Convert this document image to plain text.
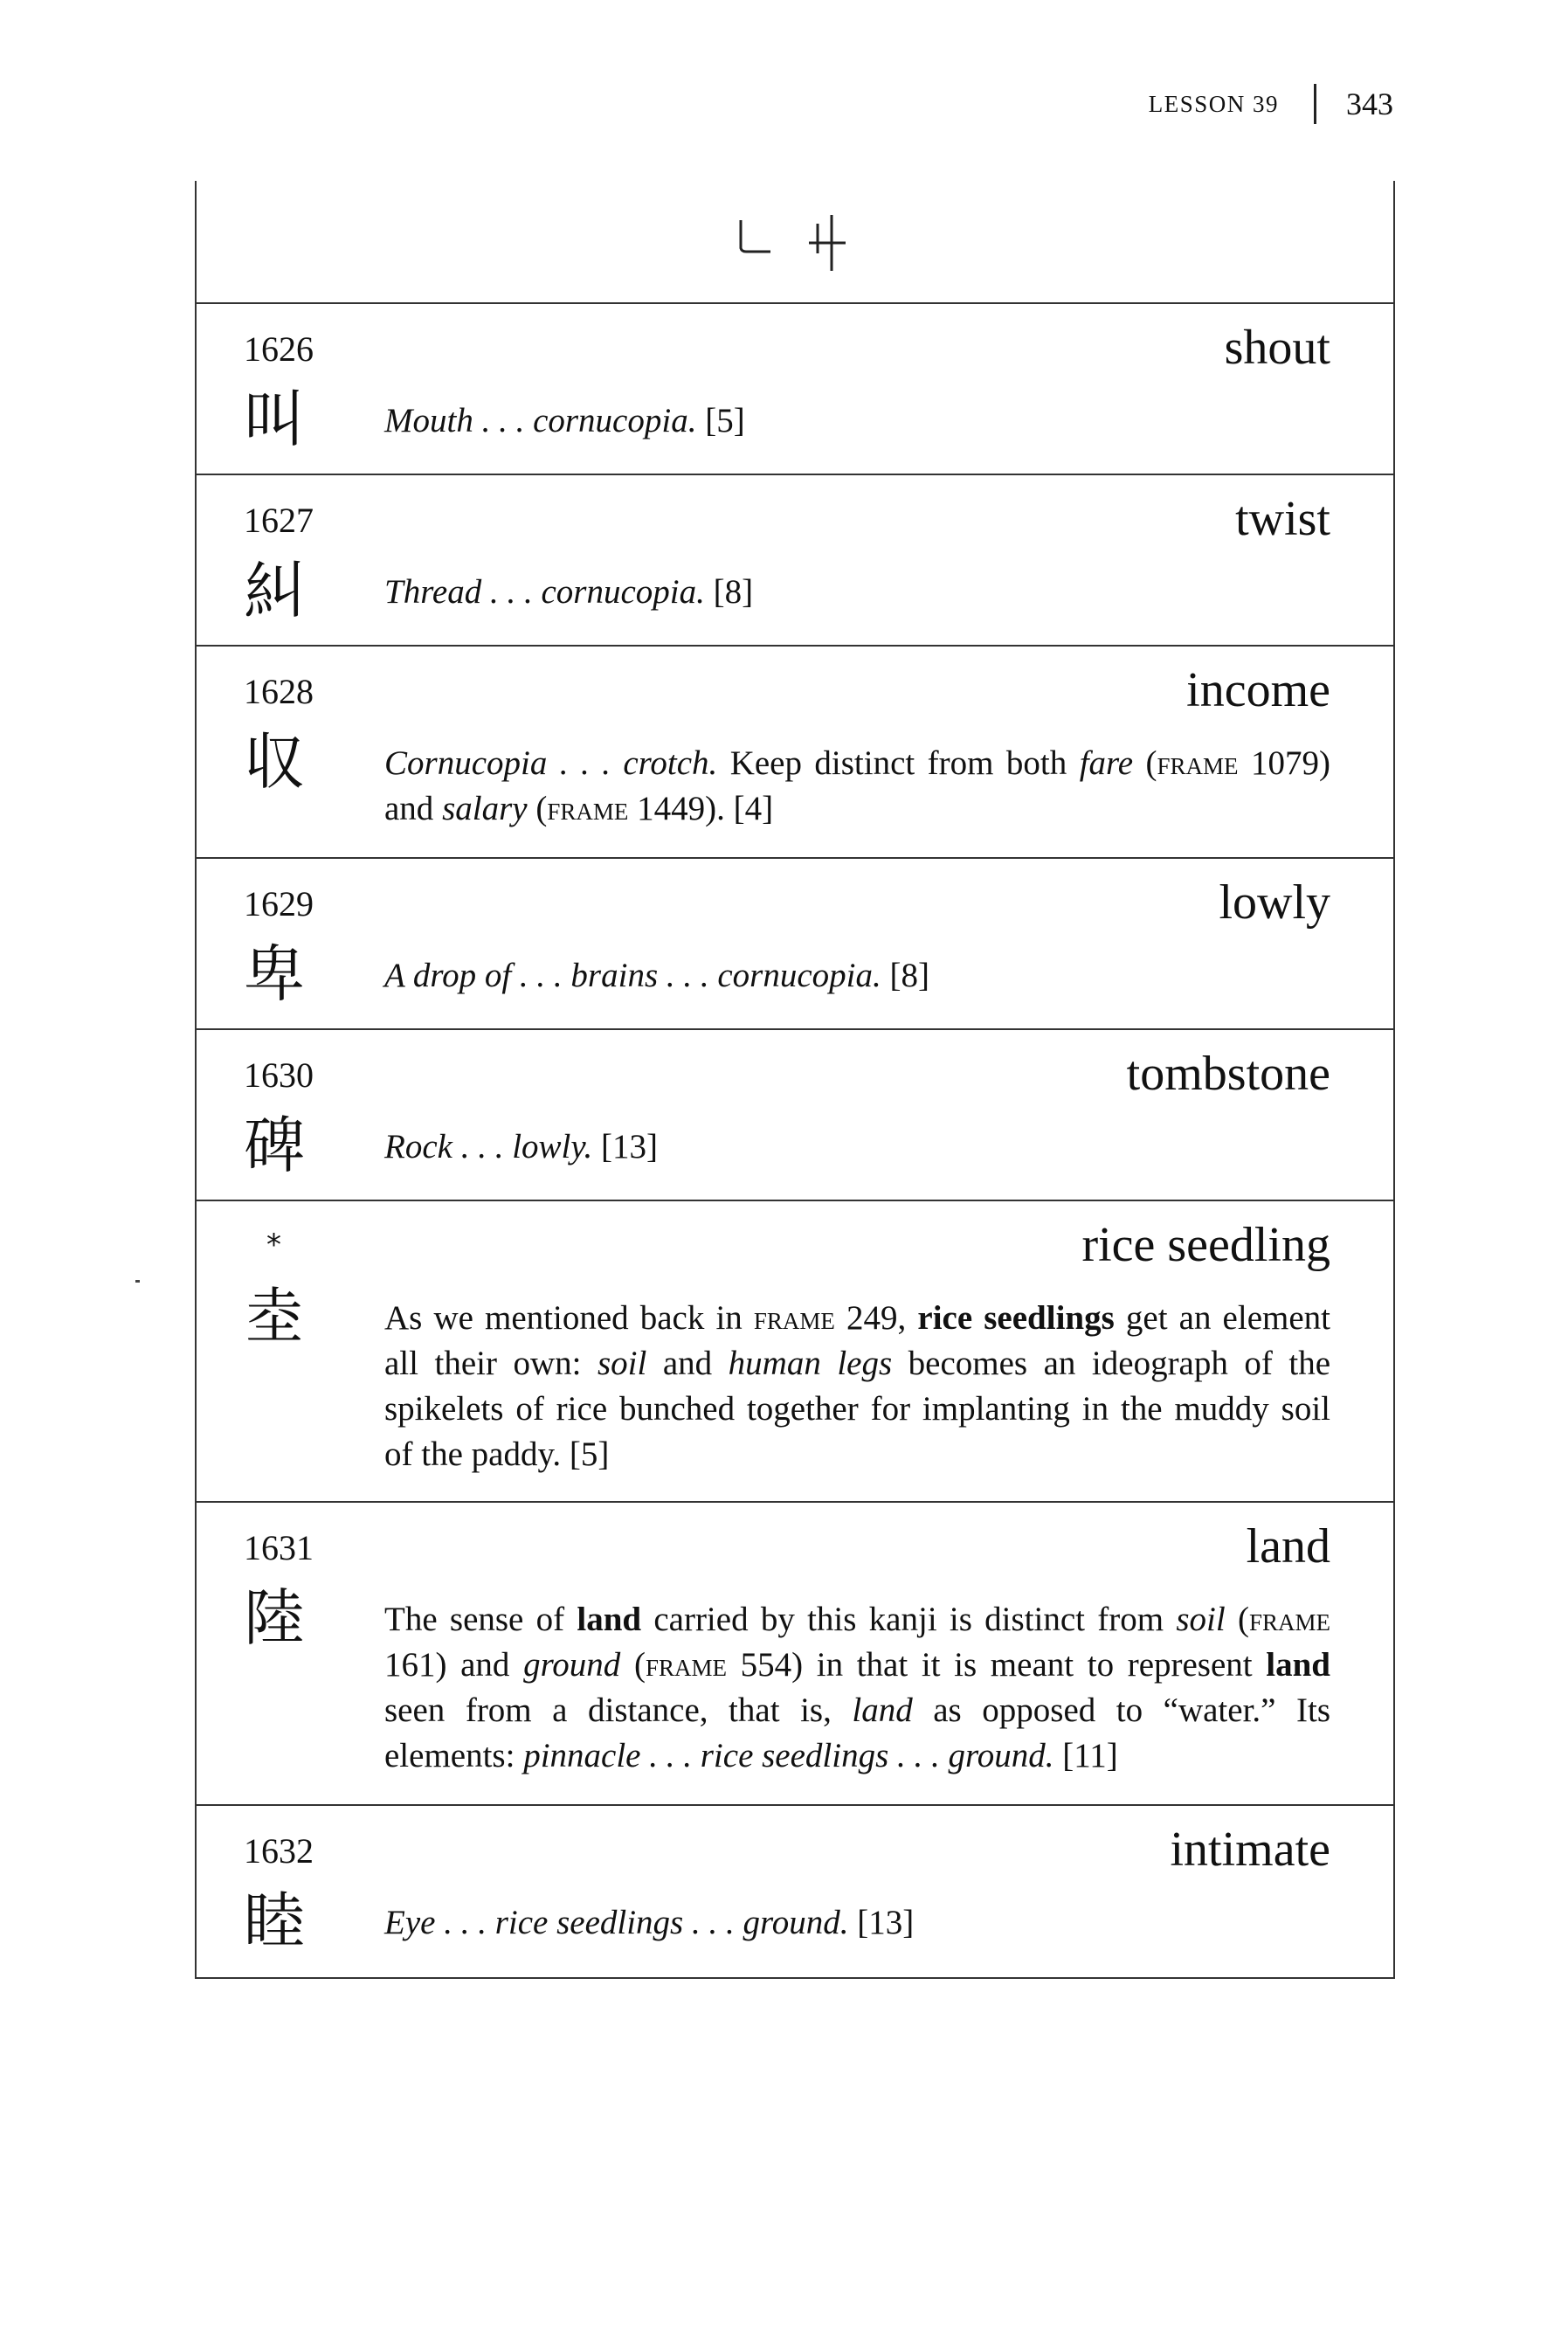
LESSON 39 343
1626	shout
叫 Mouth . . . cornucopia. [5]
1627	twist
糾 Thread . . . cornucopia. [8]
1628	income
収 Cornucopia . . . crotch. Keep distinct from both fare (frame 1079) and salary (frame 1449). [4]
1629	lowly
卑 A drop of . . . brains . . . cornucopia. [8]
1630	tombstone
碑 Rock . . . lowly. [13]
*	rice seedling
坴 As we mentioned back in frame 249, rice seedlings get an element all their own: soil and human legs becomes an ideograph of the spikelets of rice bunched together for implanting in the muddy soil of the paddy. [5]
1631	land
陸 The sense of land carried by this kanji is distinct from soil (frame 161) and ground (frame 554) in that it is meant to represent land seen from a distance, that is, land as opposed to “water.” Its elements: pinnacle . . . rice seedlings . . . ground. [11]
1632	intimate
睦 Eye . . . rice seedlings . . . ground. [13]
